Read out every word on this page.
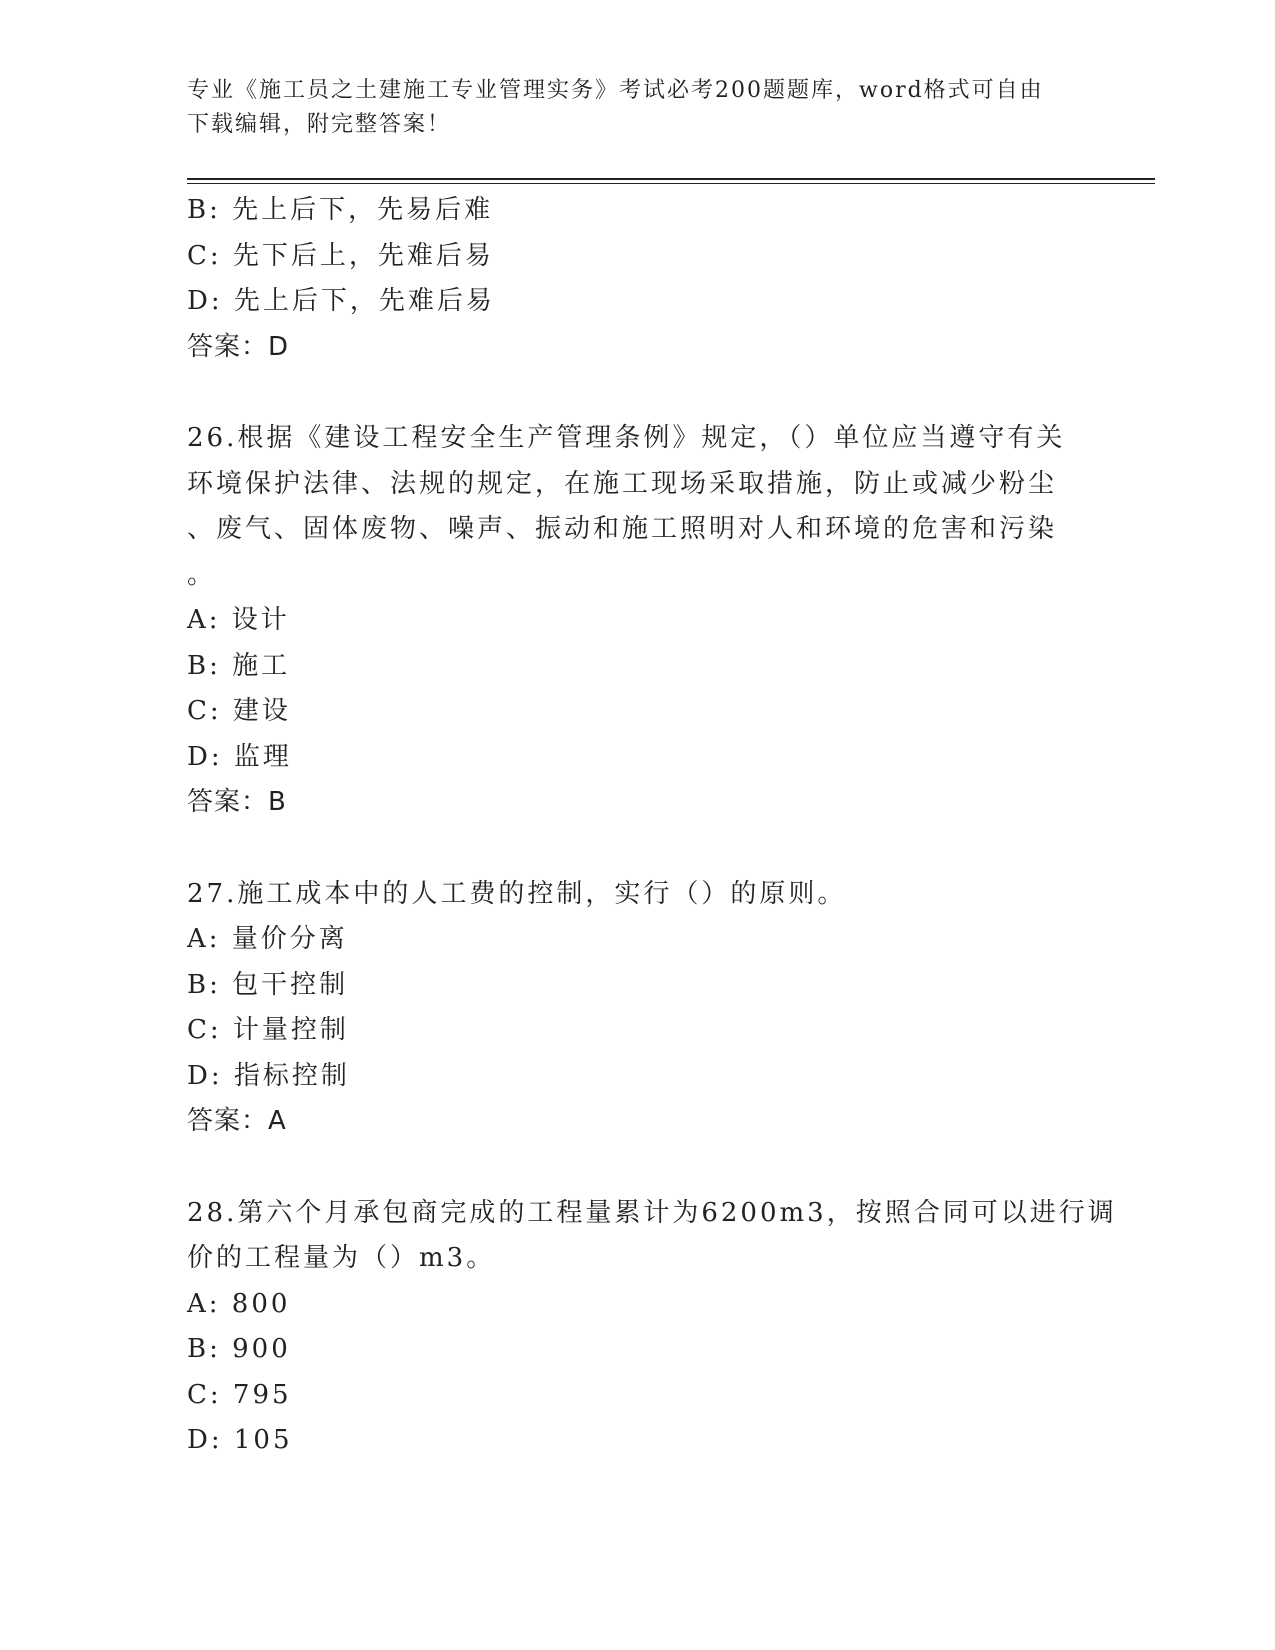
专业《施工员之土建施工专业管理实务》考试必考200题题库，word格式可自由
下载编辑，附完整答案！
B: 先上后下，先易后难
C: 先下后上，先难后易
D: 先上后下，先难后易
答案：D
26.根据《建设工程安全生产管理条例》规定，（）单位应当遵守有关
环境保护法律、法规的规定，在施工现场采取措施，防止或减少粉尘
、废气、固体废物、噪声、振动和施工照明对人和环境的危害和污染
。
A: 设计
B: 施工
C: 建设
D: 监理
答案：B
27.施工成本中的人工费的控制，实行（）的原则。
A: 量价分离
B: 包干控制
C: 计量控制
D: 指标控制
答案：A
28.第六个月承包商完成的工程量累计为6200m3，按照合同可以进行调
价的工程量为（）m3。
A: 800
B: 900
C: 795
D: 105
